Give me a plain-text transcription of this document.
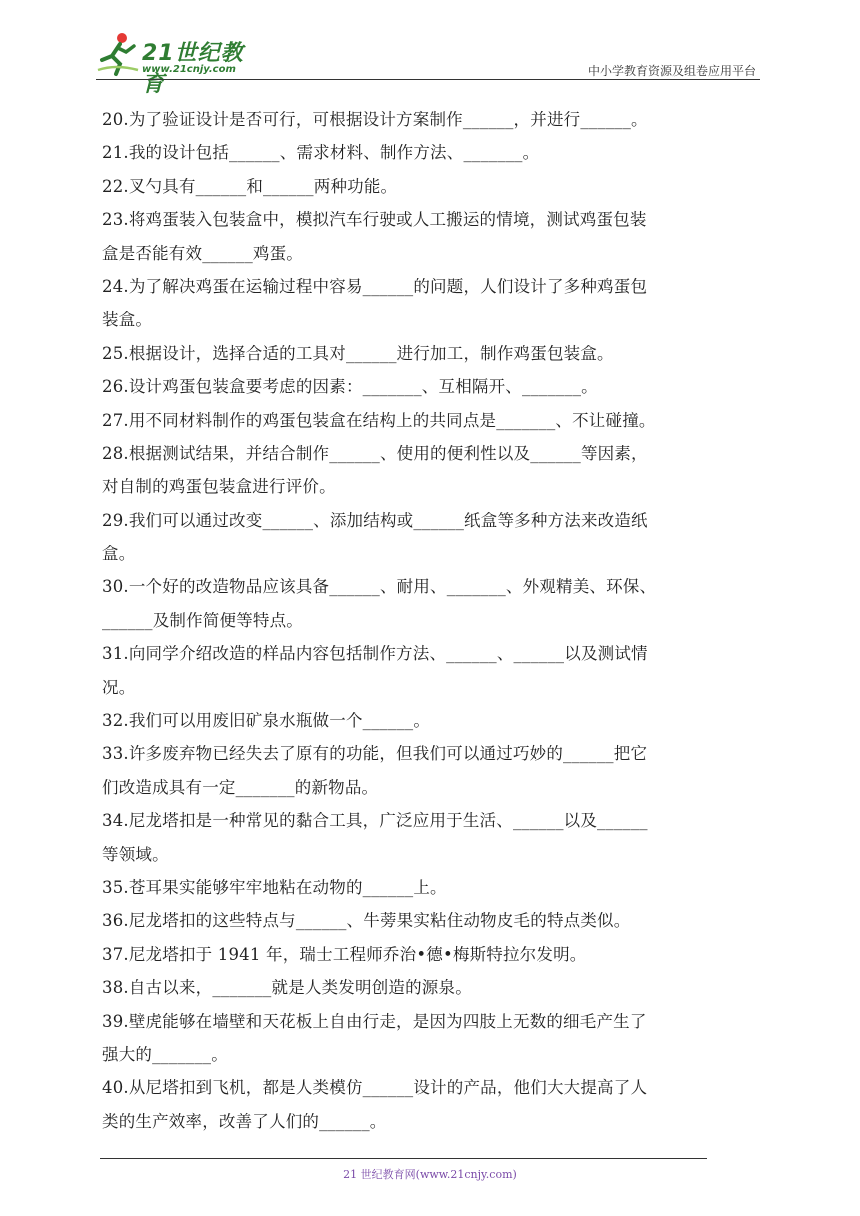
21世纪教育
www.21cnjy.com	中小学教育资源及组卷应用平台
20.为了验证设计是否可行，可根据设计方案制作______，并进行______。
21.我的设计包括______、需求材料、制作方法、_______。
22.叉勺具有______和______两种功能。
23.将鸡蛋装入包装盒中，模拟汽车行驶或人工搬运的情境，测试鸡蛋包装
盒是否能有效______鸡蛋。
24.为了解决鸡蛋在运输过程中容易______的问题，人们设计了多种鸡蛋包
装盒。
25.根据设计，选择合适的工具对______进行加工，制作鸡蛋包装盒。
26.设计鸡蛋包装盒要考虑的因素：_______、互相隔开、_______。
27.用不同材料制作的鸡蛋包装盒在结构上的共同点是_______、不让碰撞。
28.根据测试结果，并结合制作______、使用的便利性以及______等因素，
对自制的鸡蛋包装盒进行评价。
29.我们可以通过改变______、添加结构或______纸盒等多种方法来改造纸
盒。
30.一个好的改造物品应该具备______、耐用、_______、外观精美、环保、
______及制作简便等特点。
31.向同学介绍改造的样品内容包括制作方法、______、______以及测试情
况。
32.我们可以用废旧矿泉水瓶做一个______。
33.许多废弃物已经失去了原有的功能，但我们可以通过巧妙的______把它
们改造成具有一定_______的新物品。
34.尼龙塔扣是一种常见的黏合工具，广泛应用于生活、______以及______
等领域。
35.苍耳果实能够牢牢地粘在动物的______上。
36.尼龙塔扣的这些特点与______、牛蒡果实粘住动物皮毛的特点类似。
37.尼龙塔扣于 1941 年，瑞士工程师乔治•德•梅斯特拉尔发明。
38.自古以来，_______就是人类发明创造的源泉。
39.壁虎能够在墙壁和天花板上自由行走，是因为四肢上无数的细毛产生了
强大的_______。
40.从尼塔扣到飞机，都是人类模仿______设计的产品，他们大大提高了人
类的生产效率，改善了人们的______。
21 世纪教育网(www.21cnjy.com)
